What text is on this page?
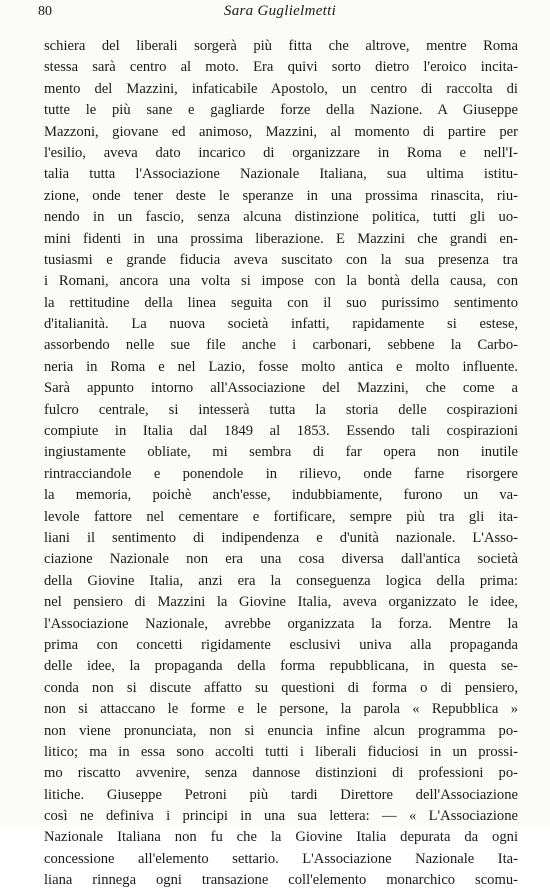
80	Sara Guglielmetti
schiera del liberali sorgerà più fitta che altrove, mentre Roma
stessa sarà centro al moto. Era quivi sorto dietro l'eroico incita-
mento del Mazzini, infaticabile Apostolo, un centro di raccolta di
tutte le più sane e gagliarde forze della Nazione. A Giuseppe
Mazzoni, giovane ed animoso, Mazzini, al momento di partire per
l'esilio, aveva dato incarico di organizzare in Roma e nell'I-
talia tutta l'Associazione Nazionale Italiana, sua ultima istitu-
zione, onde tener deste le speranze in una prossima rinascita, riu-
nendo in un fascio, senza alcuna distinzione politica, tutti gli uo-
mini fidenti in una prossima liberazione. E Mazzini che grandi en-
tusiasmi e grande fiducia aveva suscitato con la sua presenza tra
i Romani, ancora una volta si impose con la bontà della causa, con
la rettitudine della linea seguita con il suo purissimo sentimento
d'italianità. La nuova società infatti, rapidamente si estese,
assorbendo nelle sue file anche i carbonari, sebbene la Carbo-
neria in Roma e nel Lazio, fosse molto antica e molto influente.
Sarà appunto intorno all'Associazione del Mazzini, che come a
fulcro centrale, si intesserà tutta la storia delle cospirazioni
compiute in Italia dal 1849 al 1853. Essendo tali cospirazioni
ingiustamente obliate, mi sembra di far opera non inutile
rintracciandole e ponendole in rilievo, onde farne risorgere
la memoria, poichè anch'esse, indubbiamente, furono un va-
levole fattore nel cementare e fortificare, sempre più tra gli ita-
liani il sentimento di indipendenza e d'unità nazionale. L'Asso-
ciazione Nazionale non era una cosa diversa dall'antica società
della Giovine Italia, anzi era la conseguenza logica della prima:
nel pensiero di Mazzini la Giovine Italia, aveva organizzato le idee,
l'Associazione Nazionale, avrebbe organizzata la forza. Mentre la
prima con concetti rigidamente esclusivi univa alla propaganda
delle idee, la propaganda della forma repubblicana, in questa se-
conda non si discute affatto su questioni di forma o di pensiero,
non si attaccano le forme e le persone, la parola « Repubblica »
non viene pronunciata, non si enuncia infine alcun programma po-
litico; ma in essa sono accolti tutti i liberali fiduciosi in un prossi-
mo riscatto avvenire, senza dannose distinzioni di professioni po-
litiche. Giuseppe Petroni più tardi Direttore dell'Associazione
così ne definiva i principi in una sua lettera: — « L'Associazione
Nazionale Italiana non fu che la Giovine Italia depurata da ogni
concessione all'elemento settario. L'Associazione Nazionale Ita-
liana rinnega ogni transazione coll'elemento monarchico scomu-
